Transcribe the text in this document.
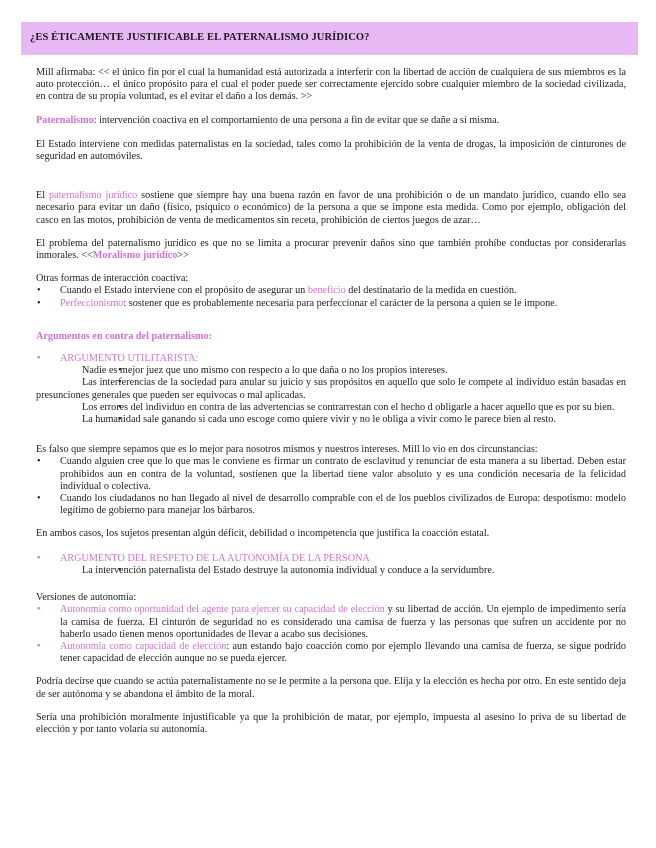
¿ES ÉTICAMENTE JUSTIFICABLE EL PATERNALISMO JURÍDICO?

Mill afirmaba: << el único fin por el cual la humanidad está autorizada a interferir con la libertad de acción de cualquiera de sus miembros es la auto protección… el único propósito para el cual el poder puede ser correctamente ejercido sobre cualquier miembro de la sociedad civilizada, en contra de su propia voluntad, es el evitar el daño a los demás. >>

Paternalismo: intervención coactiva en el comportamiento de una persona a fin de evitar que se dañe a sí misma.

El Estado interviene con medidas paternalistas en la sociedad, tales como la prohibición de la venta de drogas, la imposición de cinturones de seguridad en automóviles.

El paternalismo jurídico sostiene que siempre hay una buena razón en favor de una prohibición o de un mandato jurídico, cuando ello sea necesario para evitar un daño (físico, psíquico o económico) de la persona a que se impone esta medida. Como por ejemplo, obligación del casco en las motos, prohibición de venta de medicamentos sin receta, prohibición de ciertos juegos de azar…

El problema del paternalismo jurídico es que no se limita a procurar prevenir daños sino que también prohíbe conductas por considerarlas inmorales. <<Moralismo jurídico>>

Otras formas de interacción coactiva:

• Cuando el Estado interviene con el propósito de asegurar un beneficio del destinatario de la medida en cuestión.
• Perfeccionismo: sostener que es probablemente necesaria para perfeccionar el carácter de la persona a quien se le impone.

Argumentos en contra del paternalismo:

• ARGUMENTO UTILITARISTA:

• Nadie es mejor juez que uno mismo con respecto a lo que daña o no los propios intereses.

• Las interferencias de la sociedad para anular su juicio y sus propósitos en aquello que solo le compete al individuo están basadas en presunciones generales que pueden ser equivocas o mal aplicadas.

• Los errores del individuo en contra de las advertencias se contrarrestan con el hecho d obligarle a hacer aquello que es por su bien.

• La humanidad sale ganando si cada uno escoge como quiere vivir y no le obliga a vivir como le parece bien al resto.

Es falso que siempre sepamos que es lo mejor para nosotros mismos y nuestros intereses. Mill lo vio en dos circunstancias:

• Cuando alguien cree que lo que mas le conviene es firmar un contrato de esclavitud y renunciar de esta manera a su libertad. Deben estar prohibidos aun en contra de la voluntad, sostienen que la libertad tiene valor absoluto y es una condición necesaria de la felicidad individual o colectiva.
• Cuando los ciudadanos no han llegado al nivel de desarrollo comprable con el de los pueblos civilizados de Europa: despotismo: modelo legítimo de gobierno para manejar los bárbaros.

En ambos casos, los sujetos presentan algún déficit, debilidad o incompetencia que justifica la coacción estatal.

• ARGUMENTO DEL RESPETO DE LA AUTONOMÍA DE LA PERSONA

• La intervención paternalista del Estado destruye la autonomía individual y conduce a la servidumbre.

Versiones de autonomía:

• Autonomía como oportunidad del agente para ejercer su capacidad de elección y su libertad de acción. Un ejemplo de impedimento sería la camisa de fuerza. El cinturón de seguridad no es considerado una camisa de fuerza y las personas que sufren un accidente por no haberlo usado tienen menos oportunidades de llevar a acabo sus decisiones.
• Autonomía como capacidad de elección: aun estando bajo coacción como por ejemplo llevando una camisa de fuerza, se sigue podrido tener capacidad de elección aunque no se pueda ejercer.

Podría decirse que cuando se actúa paternalistamente no se le permite a la persona que. Elija y la elección es hecha por otro. En este sentido deja de ser autónoma y se abandona el ámbito de la moral.

Sería una prohibición moralmente injustificable ya que la prohibición de matar, por ejemplo, impuesta al asesino lo priva de su libertad de elección y por tanto volaría su autonomía.
